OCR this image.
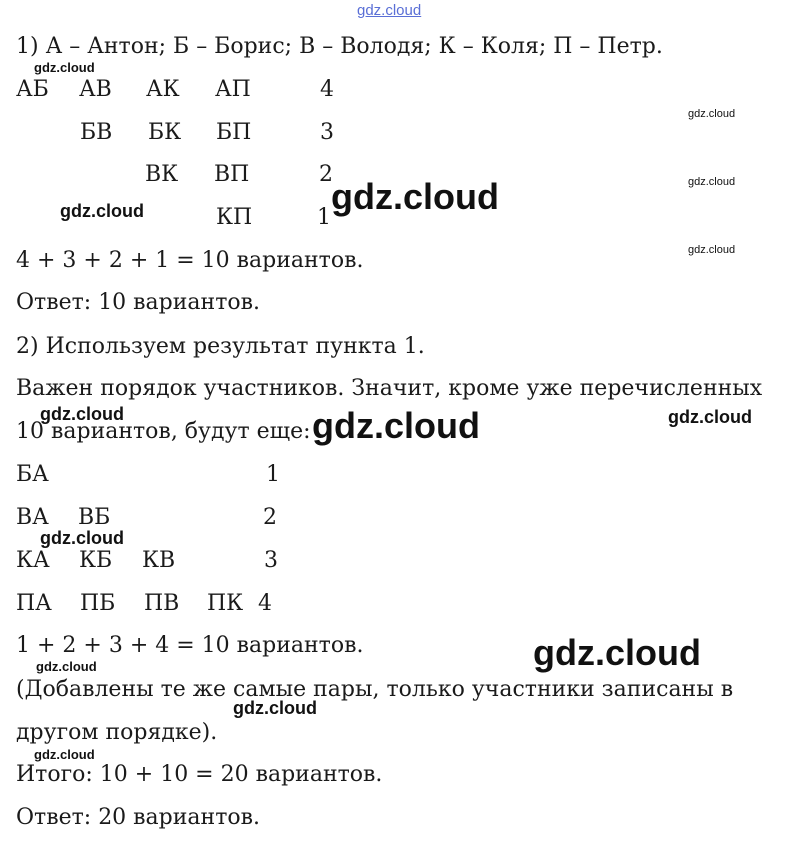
gdz.cloud
1) А – Антон; Б – Борис; В – Володя; К – Коля; П – Петр.
АБ АВ АК АП	4
БВ БК БП	3
ВК ВП	2
КП	1
4 + 3 + 2 + 1 = 10 вариантов.
Ответ: 10 вариантов.
2) Используем результат пункта 1.
Важен порядок участников. Значит, кроме уже перечисленных
10 вариантов, будут еще:
БА	1
ВА ВБ	2
КА КБ КВ	3
ПА ПБ ПВ ПК 4
1 + 2 + 3 + 4 = 10 вариантов.
(Добавлены те же самые пары, только участники записаны в
другом порядке).
Итого: 10 + 10 = 20 вариантов.
Ответ: 20 вариантов.
gdz.cloud
gdz.cloud
gdz.cloud
gdz.cloud
gdz.cloud
gdz.cloud
gdz.cloud	gdz.cloud
gdz.cloud
gdz.cloud
gdz.cloud
gdz.cloud
gdz.cloud
gdz.cloud
